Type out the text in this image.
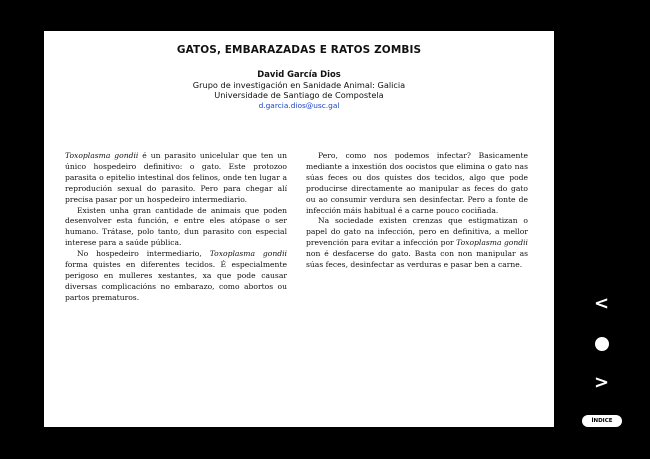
GATOS, EMBARAZADAS E RATOS ZOMBIS
David García Dios
Grupo de investigación en Sanidade Animal: Galicia
Universidade de Santiago de Compostela
d.garcia.dios@usc.gal

Toxoplasma gondii é un parasito unicelular que ten un único hospedeiro definitivo: o gato. Este protozoo parasita o epitelio intestinal dos felinos, onde ten lugar a reprodución sexual do parasito. Pero para chegar alí precisa pasar por un hospedeiro intermediario.

Existen unha gran cantidade de animais que poden desenvolver esta función, e entre eles atópase o ser humano. Trátase, polo tanto, dun parasito con especial interese para a saúde pública.

No hospedeiro intermediario, Toxoplasma gondii forma quistes en diferentes tecidos. É especialmente perigoso en mulleres xestantes, xa que pode causar diversas complicacións no embarazo, como abortos ou partos prematuros.

Pero, como nos podemos infectar? Basicamente mediante a inxestión dos oocistos que elimina o gato nas súas feces ou dos quistes dos tecidos, algo que pode producirse directamente ao manipular as feces do gato ou ao consumir verdura sen desinfectar. Pero a fonte de infección máis habitual é a carne pouco cociñada.

Na sociedade existen crenzas que estigmatizan o papel do gato na infección, pero en definitiva, a mellor prevención para evitar a infección por Toxoplasma gondii non é desfacerse do gato. Basta con non manipular as súas feces, desinfectar as verduras e pasar ben a carne.

<
>
ÍNDICE
